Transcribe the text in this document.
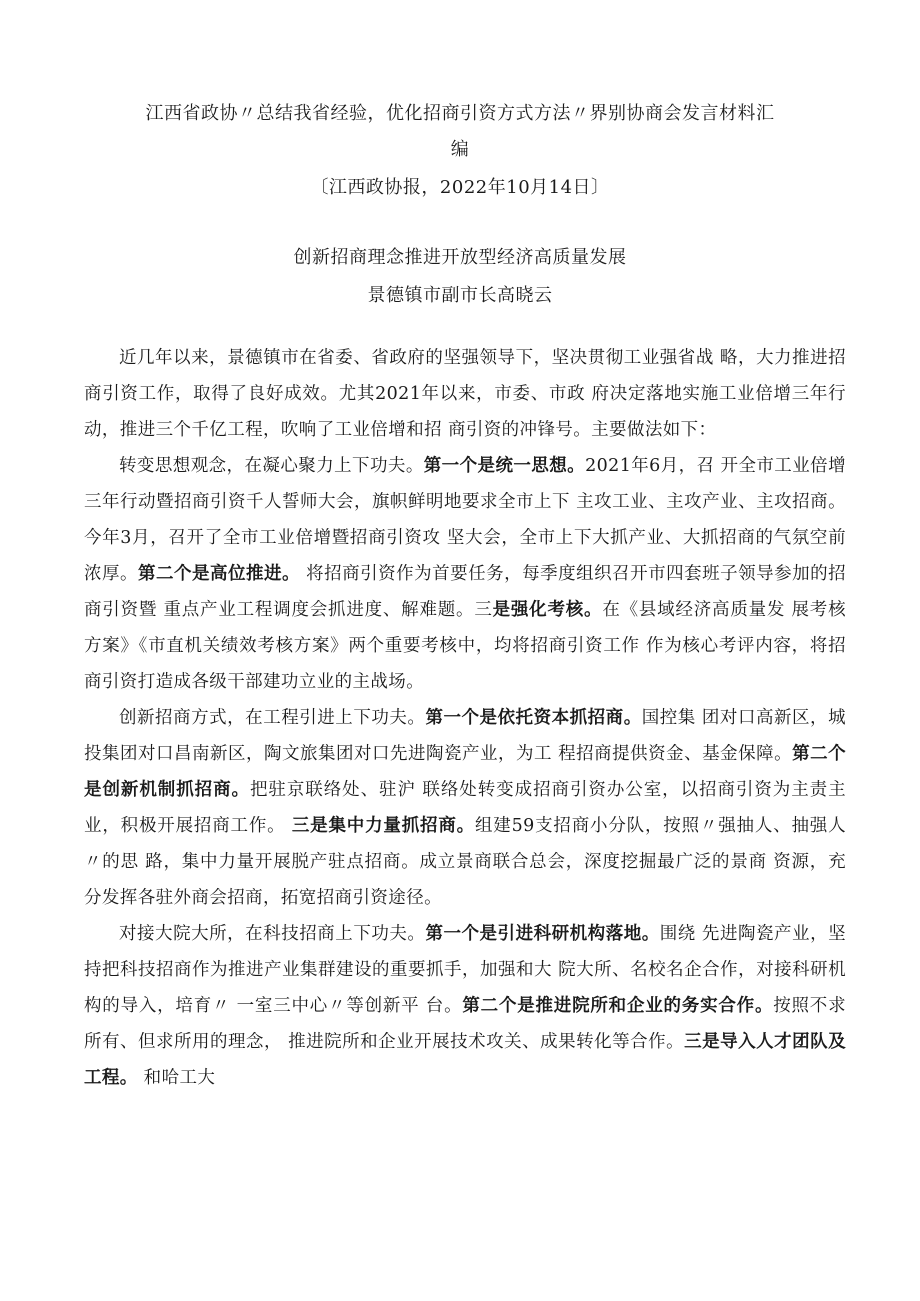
江西省政协〃总结我省经验，优化招商引资方式方法〃界别协商会发言材料汇
编
〔江西政协报，2022年10月14日〕
创新招商理念推进开放型经济高质量发展
景德镇市副市长高晓云

近几年以来，景德镇市在省委、省政府的坚强领导下，坚决贯彻工业强省战 略，大力推进招商引资工作，取得了良好成效。尤其2021年以来，市委、市政 府决定落地实施工业倍增三年行动，推进三个千亿工程，吹响了工业倍增和招 商引资的冲锋号。主要做法如下：

转变思想观念，在凝心聚力上下功夫。第一个是统一思想。2021年6月，召 开全市工业倍增三年行动暨招商引资千人誓师大会，旗帜鲜明地要求全市上下 主攻工业、主攻产业、主攻招商。今年3月，召开了全市工业倍增暨招商引资攻 坚大会，全市上下大抓产业、大抓招商的气氛空前浓厚。第二个是高位推进。 将招商引资作为首要任务，每季度组织召开市四套班子领导参加的招商引资暨 重点产业工程调度会抓进度、解难题。三是强化考核。在《县域经济高质量发 展考核方案》《市直机关绩效考核方案》两个重要考核中，均将招商引资工作 作为核心考评内容，将招商引资打造成各级干部建功立业的主战场。

创新招商方式，在工程引进上下功夫。第一个是依托资本抓招商。国控集 团对口高新区，城投集团对口昌南新区，陶文旅集团对口先进陶瓷产业，为工 程招商提供资金、基金保障。第二个是创新机制抓招商。把驻京联络处、驻沪 联络处转变成招商引资办公室，以招商引资为主责主业，积极开展招商工作。 三是集中力量抓招商。组建59支招商小分队，按照〃强抽人、抽强人〃的思 路，集中力量开展脱产驻点招商。成立景商联合总会，深度挖掘最广泛的景商 资源，充分发挥各驻外商会招商，拓宽招商引资途径。

对接大院大所，在科技招商上下功夫。第一个是引进科研机构落地。围绕 先进陶瓷产业，坚持把科技招商作为推进产业集群建设的重要抓手，加强和大 院大所、名校名企合作，对接科研机构的导入，培育〃 一室三中心〃等创新平 台。第二个是推进院所和企业的务实合作。按照不求所有、但求所用的理念， 推进院所和企业开展技术攻关、成果转化等合作。三是导入人才团队及工程。 和哈工大
